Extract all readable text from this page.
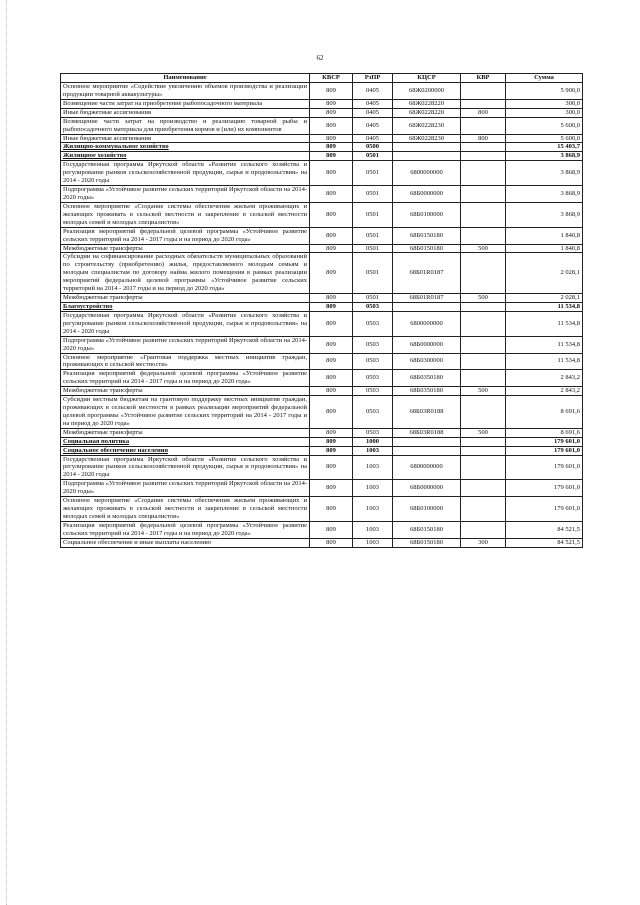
62
Наименование	КВСР	РзПР	КЦСР	КВР	Сумма
Основное мероприятие «Содействие увеличению объемов производства и реализации продукции товарной аквакультуры»	809	0405	68Ж0200000		5 900,0
Возмещение части затрат на приобретение рыбопосадочного материала	809	0405	68Ж0228220		300,0
Иные бюджетные ассигнования	809	0405	68Ж0228220	800	300,0
Возмещение части затрат на производство и реализацию товарной рыбы и рыбопосадочного материала для приобретения кормов и (или) их компонентов	809	0405	68Ж0228230		5 600,0
Иные бюджетные ассигнования	809	0405	68Ж0228230	800	5 600,0
Жилищно-коммунальное хозяйство	809	0500			15 403,7
Жилищное хозяйство	809	0501			3 868,9
Государственная программа Иркутской области «Развитие сельского хозяйства и регулирование рынков сельскохозяйственной продукции, сырья и продовольствия» на 2014 - 2020 годы	809	0501	6800000000		3 868,9
Подпрограмма «Устойчивое развитие сельских территорий Иркутской области на 2014-2020 годы»	809	0501	68Б0000000		3 868,9
Основное мероприятие «Создание системы обеспечения жильем проживающих и желающих проживать в сельской местности и закрепление в сельской местности молодых семей и молодых специалистов»	809	0501	68Б0100000		3 868,9
Реализация мероприятий федеральной целевой программы «Устойчивое развитие сельских территорий на 2014 - 2017 годы и на период до 2020 года»	809	0501	68Б0150180		1 840,8
Межбюджетные трансферты	809	0501	68Б0150180	500	1 840,8
Субсидии на софинансирование расходных обязательств муниципальных образований по строительству (приобретению) жилья, предоставляемого молодым семьям и молодым специалистам по договору найма жилого помещения в рамках реализации мероприятий федеральной целевой программы «Устойчивое развитие сельских территорий на 2014 - 2017 годы и на период до 2020 года»	809	0501	68Б01R0187		2 028,1
Межбюджетные трансферты	809	0501	68Б01R0187	500	2 028,1
Благоустройство	809	0503			11 534,8
Государственная программа Иркутской области «Развитие сельского хозяйства и регулирование рынков сельскохозяйственной продукции, сырья и продовольствия» на 2014 - 2020 годы	809	0503	6800000000		11 534,8
Подпрограмма «Устойчивое развитие сельских территорий Иркутской области на 2014-2020 годы»	809	0503	68Б0000000		11 534,8
Основное мероприятие «Грантовая поддержка местных инициатив граждан, проживающих в сельской местности»	809	0503	68Б0300000		11 534,8
Реализация мероприятий федеральной целевой программы «Устойчивое развитие сельских территорий на 2014 - 2017 годы и на период до 2020 года»	809	0503	68Б0350180		2 843,2
Межбюджетные трансферты	809	0503	68Б0350180	500	2 843,2
Субсидии местным бюджетам на грантовую поддержку местных инициатив граждан, проживающих в сельской местности в рамках реализации мероприятий федеральной целевой программы «Устойчивое развитие сельских территорий на 2014 - 2017 годы и на период до 2020 года»	809	0503	68Б03R0188		8 691,6
Межбюджетные трансферты	809	0503	68Б03R0188	500	8 691,6
Социальная политика	809	1000			179 601,0
Социальное обеспечение населения	809	1003			179 601,0
Государственная программа Иркутской области «Развитие сельского хозяйства и регулирование рынков сельскохозяйственной продукции, сырья и продовольствия» на 2014 - 2020 годы	809	1003	6800000000		179 601,0
Подпрограмма «Устойчивое развитие сельских территорий Иркутской области на 2014-2020 годы»	809	1003	68Б0000000		179 601,0
Основное мероприятие «Создание системы обеспечения жильем проживающих и желающих проживать в сельской местности и закрепление в сельской местности молодых семей и молодых специалистов»	809	1003	68Б0100000		179 601,0
Реализация мероприятий федеральной целевой программы «Устойчивое развитие сельских территорий на 2014 - 2017 годы и на период до 2020 года»	809	1003	68Б0150180		84 521,5
Социальное обеспечение и иные выплаты населению	809	1003	68Б0150180	300	84 521,5
